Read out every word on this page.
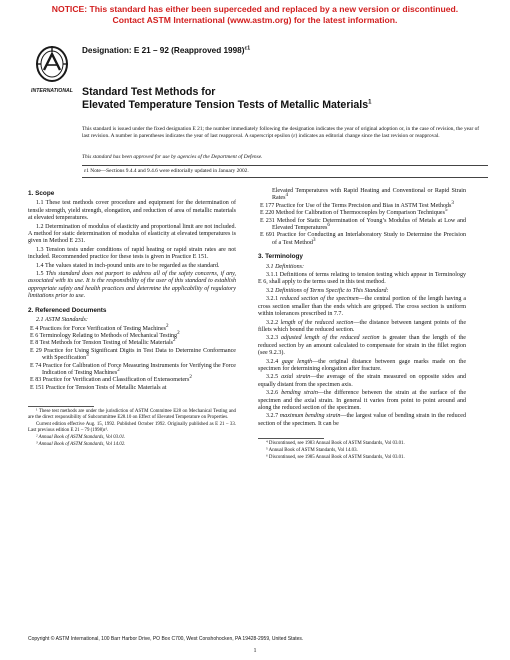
NOTICE: This standard has either been superceded and replaced by a new version or discontinued.
Contact ASTM International (www.astm.org) for the latest information.
INTERNATIONAL
Designation: E 21 – 92 (Reapproved 1998)$^{\varepsilon 1}$
Standard Test Methods for
Elevated Temperature Tension Tests of Metallic Materials$^1$
This standard is issued under the fixed designation E 21; the number immediately following the designation indicates the year of original adoption or, in the case of revision, the year of last revision. A number in parentheses indicates the year of last reapproval. A superscript epsilon (ε) indicates an editorial change since the last revision or reapproval.
This standard has been approved for use by agencies of the Department of Defense.
ε1 Note—Sections 9.4.4 and 9.4.6 were editorially updated in January 2002.

1. Scope

1.1 These test methods cover procedure and equipment for the determination of tensile strength, yield strength, elongation, and reduction of area of metallic materials at elevated temperatures.

1.2 Determination of modulus of elasticity and proportional limit are not included. A method for static determination of modulus of elasticity at elevated temperatures is given in Method E 231.

1.3 Tension tests under conditions of rapid heating or rapid strain rates are not included. Recommended practice for these tests is given in Practice E 151.

1.4 The values stated in inch-pound units are to be regarded as the standard.

1.5 This standard does not purport to address all of the safety concerns, if any, associated with its use. It is the responsibility of the user of this standard to establish appropriate safety and health practices and determine the applicability of regulatory limitations prior to use.

2. Referenced Documents

2.1 ASTM Standards:

E 4 Practices for Force Verification of Testing Machines$^2$

E 6 Terminology Relating to Methods of Mechanical Testing$^2$

E 8 Test Methods for Tension Testing of Metallic Materials$^2$

E 29 Practice for Using Significant Digits in Test Data to Determine Conformance with Specification$^3$

E 74 Practice for Calibration of Force Measuring Instruments for Verifying the Force Indication of Testing Machines$^2$

E 83 Practice for Verification and Classification of Extensometers$^2$

E 151 Practice for Tension Tests of Metallic Materials at

¹ These test methods are under the jurisdiction of ASTM Committee E28 on Mechanical Testing and are the direct responsibility of Subcommittee E28.10 on Effect of Elevated Temperature on Properties.

Current edition effective Aug. 15, 1992. Published October 1992. Originally published as E 21 – 33. Last previous edition E 21 – 79 (1998)ε¹.

² Annual Book of ASTM Standards, Vol 03.01.

³ Annual Book of ASTM Standards, Vol 14.02.

Elevated Temperatures with Rapid Heating and Conventional or Rapid Strain Rates$^4$

E 177 Practice for Use of the Terms Precision and Bias in ASTM Test Methods$^3$

E 220 Method for Calibration of Thermocouples by Comparison Techniques$^5$

E 231 Method for Static Determination of Young’s Modulus of Metals at Low and Elevated Temperatures$^6$

E 691 Practice for Conducting an Interlaboratory Study to Determine the Precision of a Test Method$^3$

3. Terminology

3.1 Definitions:

3.1.1 Definitions of terms relating to tension testing which appear in Terminology E 6, shall apply to the terms used in this test method.

3.2 Definitions of Terms Specific to This Standard:

3.2.1 reduced section of the specimen—the central portion of the length having a cross section smaller than the ends which are gripped. The cross section is uniform within tolerances prescribed in 7.7.

3.2.2 length of the reduced section—the distance between tangent points of the fillets which bound the reduced section.

3.2.3 adjusted length of the reduced section is greater than the length of the reduced section by an amount calculated to compensate for strain in the fillet region (see 9.2.3).

3.2.4 gage length—the original distance between gage marks made on the specimen for determining elongation after fracture.

3.2.5 axial strain—the average of the strain measured on opposite sides and equally distant from the specimen axis.

3.2.6 bending strain—the difference between the strain at the surface of the specimen and the axial strain. In general it varies from point to point around and along the reduced section of the specimen.

3.2.7 maximum bending strain—the largest value of bending strain in the reduced section of the specimen. It can be

⁴ Discontinued, see 1983 Annual Book of ASTM Standards, Vol 03.01.

⁵ Annual Book of ASTM Standards, Vol 14.03.

⁶ Discontinued, see 1985 Annual Book of ASTM Standards, Vol 03.01.

Copyright © ASTM International, 100 Barr Harbor Drive, PO Box C700, West Conshohocken, PA 19428-2959, United States.
1
